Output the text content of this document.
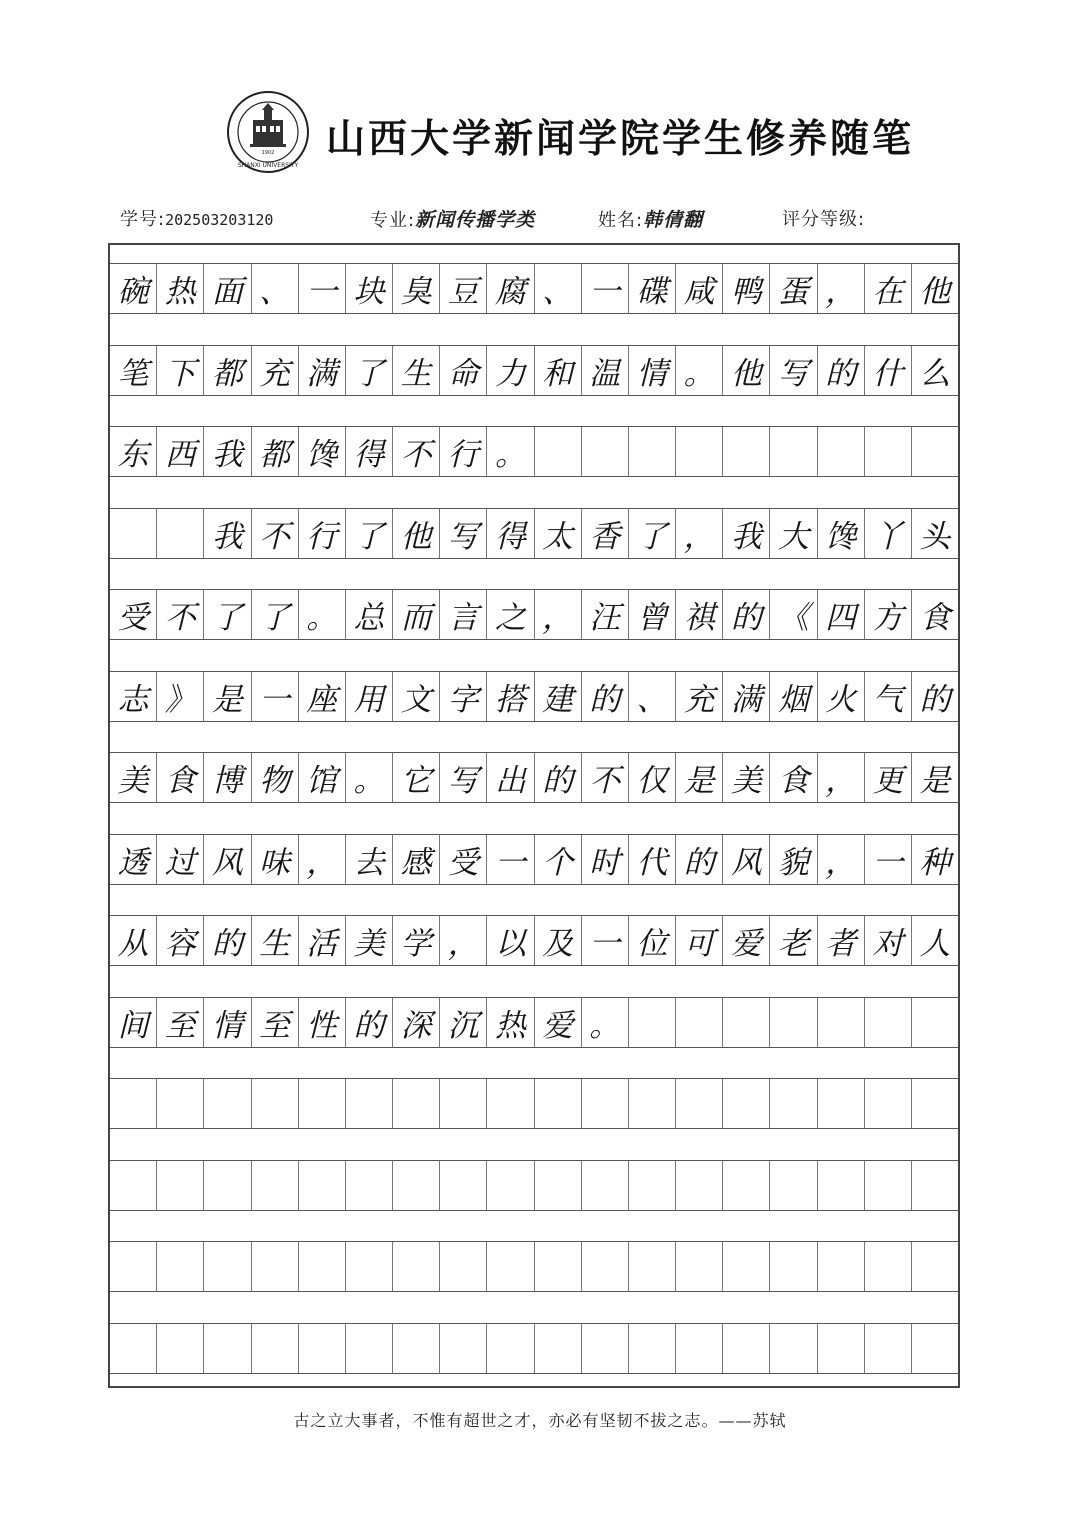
1902
SHANXI UNIVERSITY
山西大学新闻学院学生修养随笔
学号:202503203120	专业:新闻传播学类	姓名:韩倩翻	评分等级:
碗 热 面 、 一 块 臭 豆 腐 、 一 碟 咸 鸭 蛋 ， 在 他
笔 下 都 充 满 了 生 命 力 和 温 情 。 他 写 的 什 么
东 西 我 都 馋 得 不 行 。
我 不 行 了 他 写 得 太 香 了 ， 我 大 馋 丫 头
受 不 了 了 。 总 而 言 之 ， 汪 曾 祺 的 《 四 方 食
志 》 是 一 座 用 文 字 搭 建 的 、 充 满 烟 火 气 的
美 食 博 物 馆 。 它 写 出 的 不 仅 是 美 食 ， 更 是
透 过 风 味 ， 去 感 受 一 个 时 代 的 风 貌 ， 一 种
从 容 的 生 活 美 学 ， 以 及 一 位 可 爱 老 者 对 人
间 至 情 至 性 的 深 沉 热 爱 。
古之立大事者，不惟有超世之才，亦必有坚韧不拔之志。——苏轼
